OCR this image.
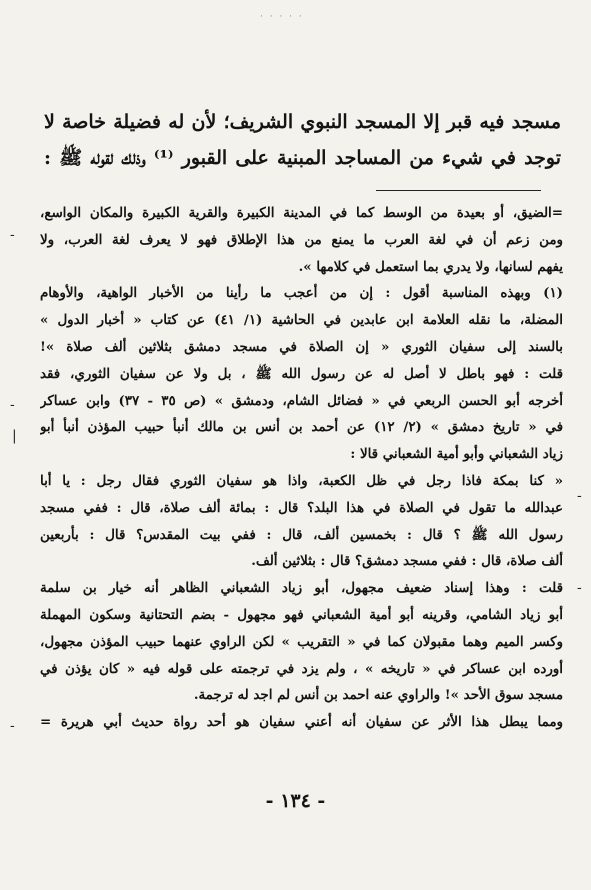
· · · · ·

مسجد فيه قبر إلا المسجد النبوي الشريف؛ لأن له فضيلة خاصة لا

توجد في شيء من المساجد المبنية على القبور ⁽¹⁾ وذلك لقوله ﷺ :

=الضيق، أو بعيدة من الوسط كما في المدينة الكبيرة والقرية الكبيرة والمكان الواسع،

ومن زعم أن في لغة العرب ما يمنع من هذا الإطلاق فهو لا يعرف لغة العرب، ولا

يفهم لسانها، ولا يدري بما استعمل في كلامها ».

(١) وبهذه المناسبة أقول : إن من أعجب ما رأينا من الأخبار الواهية، والأوهام

المضلة، ما نقله العلامة ابن عابدين في الحاشية (١/ ٤١) عن كتاب « أخبار الدول »

بالسند إلى سفيان الثوري « إن الصلاة في مسجد دمشق بثلاثين ألف صلاة »!

قلت : فهو باطل لا أصل له عن رسول الله ﷺ ، بل ولا عن سفيان الثوري، فقد

أخرجه أبو الحسن الربعي في « فضائل الشام، ودمشق » (ص ٣٥ - ٣٧) وابن عساكر

في « تاريخ دمشق » (٢/ ١٢) عن أحمد بن أنس بن مالك أنبأ حبيب المؤذن أنبأ أبو

زياد الشعباني وأبو أمية الشعباني قالا :

« كنا بمكة فاذا رجل في ظل الكعبة، واذا هو سفيان الثوري فقال رجل : يا أبا

عبدالله ما تقول في الصلاة في هذا البلد؟ قال : بمائة ألف صلاة، قال : ففي مسجد

رسول الله ﷺ ؟ قال : بخمسين ألف، قال : ففي بيت المقدس؟ قال : بأربعين

ألف صلاة، قال : ففي مسجد دمشق؟ قال : بثلاثين ألف.

قلت : وهذا إسناد ضعيف مجهول، أبو زياد الشعباني الظاهر أنه خيار بن سلمة

أبو زياد الشامي، وقرينه أبو أمية الشعباني فهو مجهول - بضم التحتانية وسكون المهملة

وكسر الميم وهما مقبولان كما في « التقريب » لكن الراوي عنهما حبيب المؤذن مجهول،

أورده ابن عساكر في « تاريخه » ، ولم يزد في ترجمته على قوله فيه « كان يؤذن في

مسجد سوق الأحد »! والراوي عنه احمد بن أنس لم اجد له ترجمة.

ومما يبطل هذا الأثر عن سفيان أنه أعني سفيان هو أحد رواة حديث أبي هريرة =

- ١٣٤ -
-
-
|
-
-
-
